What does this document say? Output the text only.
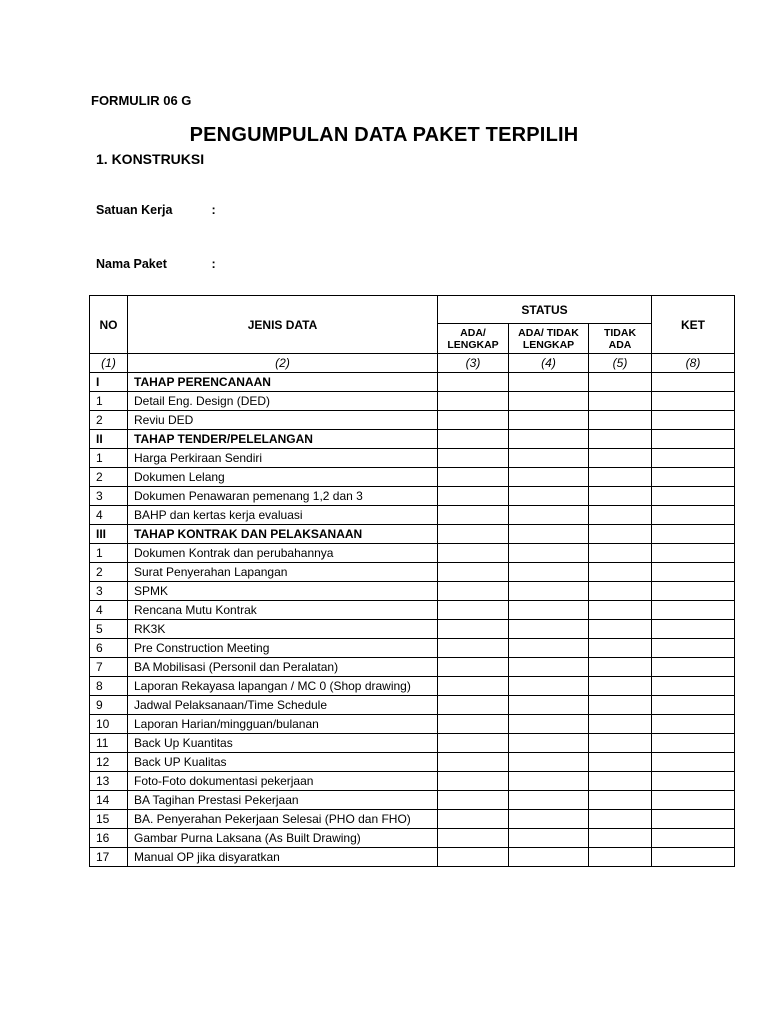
FORMULIR 06 G
PENGUMPULAN DATA PAKET TERPILIH
1. KONSTRUKSI
Satuan Kerja	:
Nama Paket	:
NO	JENIS DATA	STATUS			KET
		ADA/ LENGKAP	ADA/ TIDAK LENGKAP	TIDAK ADA	
(1)	(2)	(3)	(4)	(5)	(8)
I	TAHAP PERENCANAAN				
1	Detail Eng. Design (DED)				
2	Reviu DED				
II	TAHAP TENDER/PELELANGAN				
1	Harga Perkiraan Sendiri				
2	Dokumen Lelang				
3	Dokumen Penawaran pemenang 1,2 dan 3				
4	BAHP dan kertas kerja evaluasi				
III	TAHAP KONTRAK DAN PELAKSANAAN				
1	Dokumen Kontrak dan perubahannya				
2	Surat Penyerahan Lapangan				
3	SPMK				
4	Rencana Mutu Kontrak				
5	RK3K				
6	Pre Construction Meeting				
7	BA Mobilisasi (Personil dan Peralatan)				
8	Laporan Rekayasa lapangan / MC 0 (Shop drawing)				
9	Jadwal Pelaksanaan/Time Schedule				
10	Laporan Harian/mingguan/bulanan				
11	Back Up Kuantitas				
12	Back UP Kualitas				
13	Foto-Foto dokumentasi pekerjaan				
14	BA Tagihan Prestasi Pekerjaan				
15	BA. Penyerahan Pekerjaan Selesai (PHO dan FHO)				
16	Gambar Purna Laksana (As Built Drawing)				
17	Manual OP jika disyaratkan				
